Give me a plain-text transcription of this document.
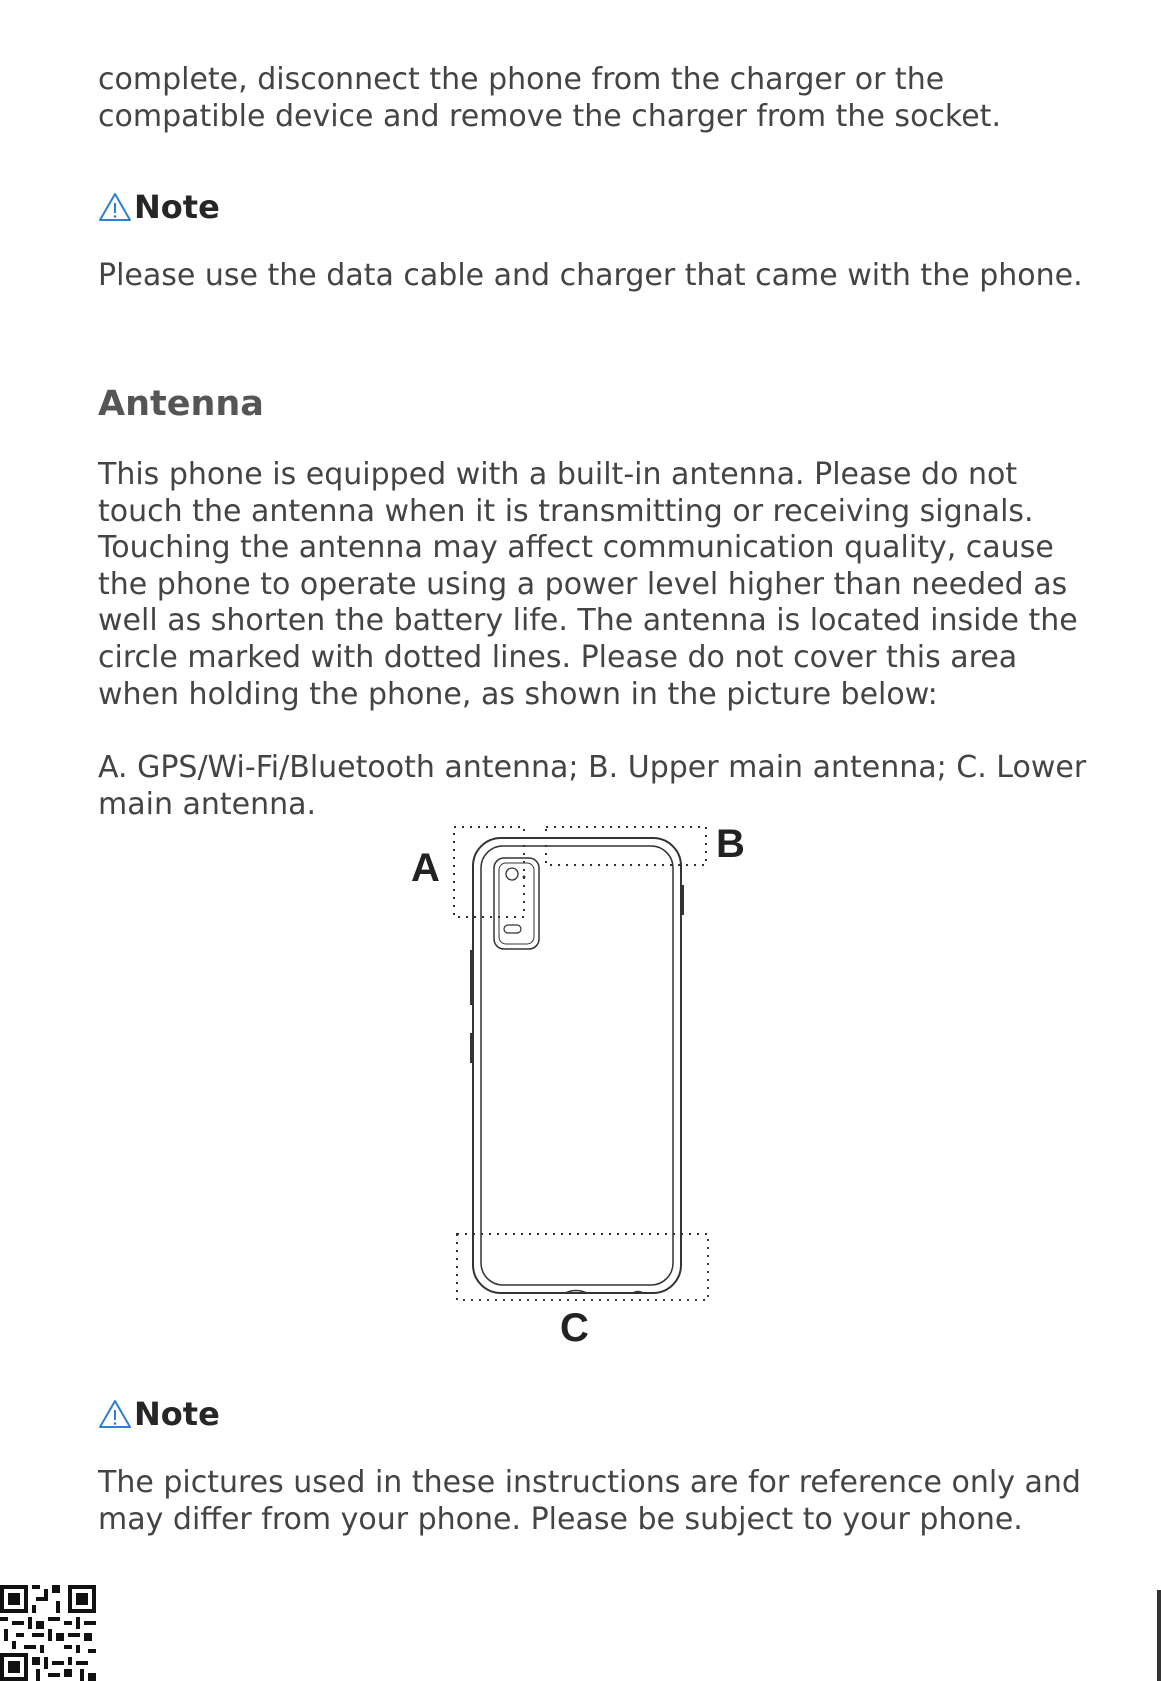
complete, disconnect the phone from the charger or the compatible device and remove the charger from the socket.

Note

Please use the data cable and charger that came with the phone.

Antenna

This phone is equipped with a built-in antenna. Please do not touch the antenna when it is transmitting or receiving signals. Touching the antenna may affect communication quality, cause the phone to operate using a power level higher than needed as well as shorten the battery life. The antenna is located inside the circle marked with dotted lines. Please do not cover this area when holding the phone, as shown in the picture below:

A. GPS/Wi-Fi/Bluetooth antenna; B. Upper main antenna; C. Lower main antenna.

A
B
C
Note

The pictures used in these instructions are for reference only and may differ from your phone. Please be subject to your phone.
